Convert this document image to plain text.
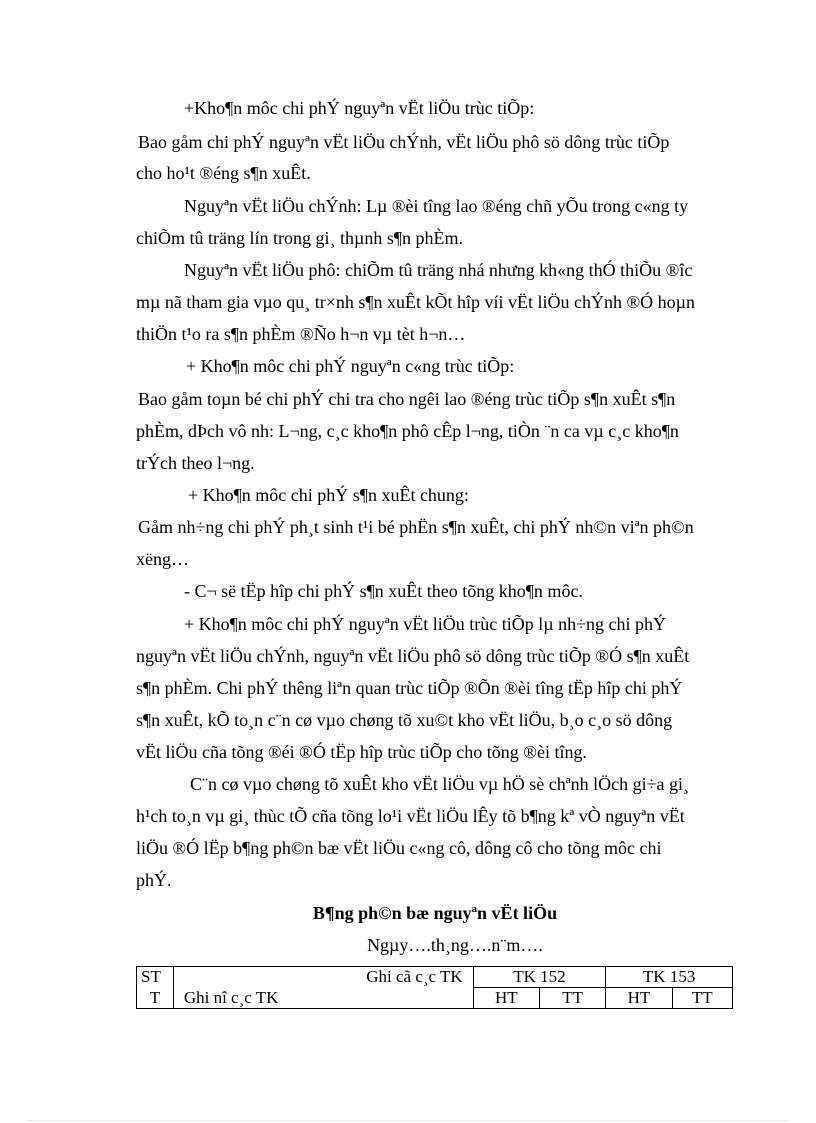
+Kho¶n môc chi phÝ nguyªn vËt liÖu trùc tiÕp:
Bao gåm chi phÝ nguyªn vËt liÖu chÝnh, vËt liÖu phô sö dông trùc tiÕp
cho ho¹t ®éng s¶n xuÊt.
Nguyªn vËt liÖu chÝnh: Lµ ®èi tîng lao ®éng chñ yÕu trong c«ng ty
chiÕm tû träng lín trong gi¸ thµnh s¶n phÈm.
Nguyªn vËt liÖu phô: chiÕm tû träng nhá nhưng kh«ng thÓ thiÕu ®îc
mµ nã tham gia vµo qu¸ tr×nh s¶n xuÊt kÕt hîp víi vËt liÖu chÝnh ®Ó hoµn
thiÖn t¹o ra s¶n phÈm ®Ño h¬n vµ tèt h¬n…
+ Kho¶n môc chi phÝ nguyªn c«ng trùc tiÕp:
Bao gåm toµn bé chi phÝ chi tra cho ngêi lao ®éng trùc tiÕp s¶n xuÊt s¶n
phÈm, dÞch vô nh: L¬ng, c¸c kho¶n phô cÊp l¬ng, tiÒn ¨n ca vµ c¸c kho¶n
trÝch theo l¬ng.
+ Kho¶n môc chi phÝ s¶n xuÊt chung:
Gåm nh÷ng chi phÝ ph¸t sinh t¹i bé phËn s¶n xuÊt, chi phÝ nh©n viªn ph©n
xëng…
- C¬ së tËp hîp chi phÝ s¶n xuÊt theo tõng kho¶n môc.
+ Kho¶n môc chi phÝ nguyªn vËt liÖu trùc tiÕp lµ nh÷ng chi phÝ
nguyªn vËt liÖu chÝnh, nguyªn vËt liÖu phô sö dông trùc tiÕp ®Ó s¶n xuÊt
s¶n phÈm. Chi phÝ thêng liªn quan trùc tiÕp ®Õn ®èi tîng tËp hîp chi phÝ
s¶n xuÊt, kÕ to¸n c¨n cø vµo chøng tõ xu©t kho vËt liÖu, b¸o c¸o sö dông
vËt liÖu cña tõng ®éi ®Ó tËp hîp trùc tiÕp cho tõng ®èi tîng.
C¨n cø vµo chøng tõ xuÊt kho vËt liÖu vµ hÖ sè chªnh lÖch gi÷a gi¸
h¹ch to¸n vµ gi¸ thùc tÕ cña tõng lo¹i vËt liÖu lÊy tõ b¶ng kª vÒ nguyªn vËt
liÖu ®Ó lËp b¶ng ph©n bæ vËt liÖu c«ng cô, dông cô cho tõng môc chi
phÝ.
B¶ng ph©n bæ nguyªn vËt liÖu
Ngµy….th¸ng….n¨m….
ST	Ghi cã c¸c TK	TK 152		TK 153	
T	Ghi nî c¸c TK	HT	TT	HT	TT
